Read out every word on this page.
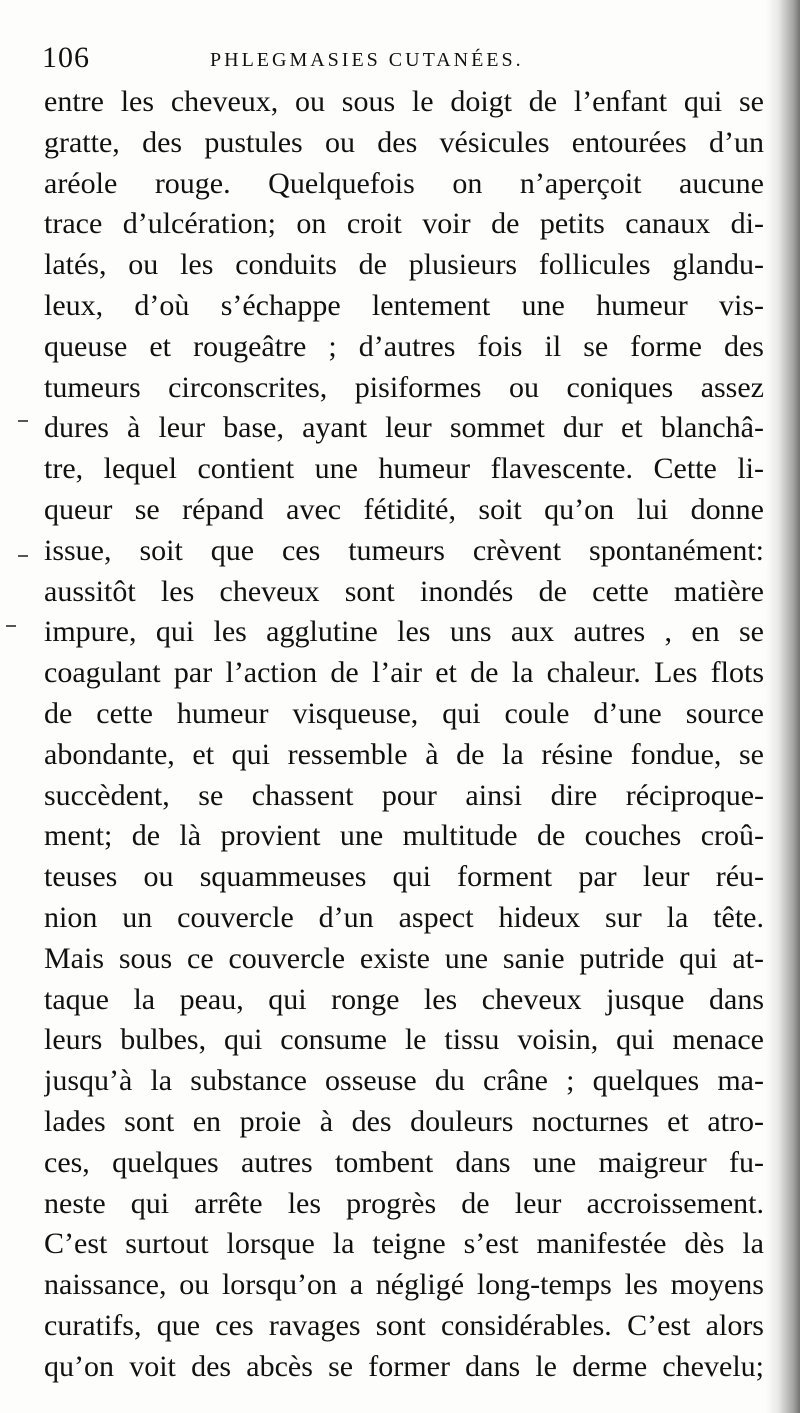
106	PHLEGMASIES CUTANÉES.
entre les cheveux, ou sous le doigt de l’enfant qui se
gratte, des pustules ou des vésicules entourées d’un
aréole rouge. Quelquefois on n’aperçoit aucune
trace d’ulcération; on croit voir de petits canaux di-
latés, ou les conduits de plusieurs follicules glandu-
leux, d’où s’échappe lentement une humeur vis-
queuse et rougeâtre ; d’autres fois il se forme des
tumeurs circonscrites, pisiformes ou coniques assez
dures à leur base, ayant leur sommet dur et blanchâ-
tre, lequel contient une humeur flavescente. Cette li-
queur se répand avec fétidité, soit qu’on lui donne
issue, soit que ces tumeurs crèvent spontanément:
aussitôt les cheveux sont inondés de cette matière
impure, qui les agglutine les uns aux autres , en se
coagulant par l’action de l’air et de la chaleur. Les flots
de cette humeur visqueuse, qui coule d’une source
abondante, et qui ressemble à de la résine fondue, se
succèdent, se chassent pour ainsi dire réciproque-
ment; de là provient une multitude de couches croû-
teuses ou squammeuses qui forment par leur réu-
nion un couvercle d’un aspect hideux sur la tête.
Mais sous ce couvercle existe une sanie putride qui at-
taque la peau, qui ronge les cheveux jusque dans
leurs bulbes, qui consume le tissu voisin, qui menace
jusqu’à la substance osseuse du crâne ; quelques ma-
lades sont en proie à des douleurs nocturnes et atro-
ces, quelques autres tombent dans une maigreur fu-
neste qui arrête les progrès de leur accroissement.
C’est surtout lorsque la teigne s’est manifestée dès la
naissance, ou lorsqu’on a négligé long-temps les moyens
curatifs, que ces ravages sont considérables. C’est alors
qu’on voit des abcès se former dans le derme chevelu;
